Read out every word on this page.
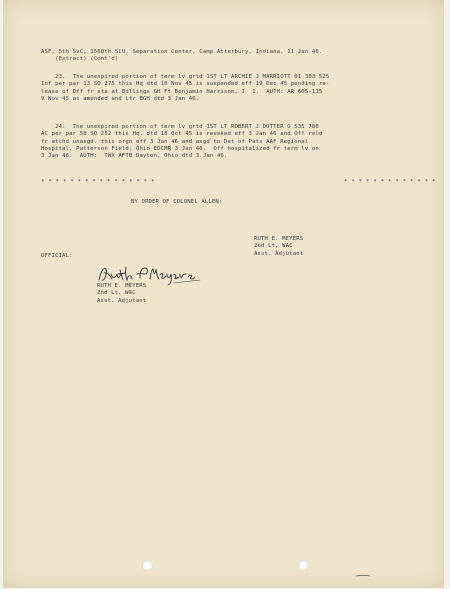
ASF, 5th SvC, 1560th SCU, Separation Center, Camp Atterbury, Indiana, 11 Jan 46.
(Extract) (Cont'd)
23.  The unexpired portion of term lv grtd 1ST LT ARCHIE J MARRIOTT 01 303 525
Inf per par 13 SO 275 this Hq dtd 10 Nov 45 is suspended eff 19 Dec 45 pending re-
lease of Off fr sta at Billings GH Ft Benjamin Harrison, I  1.  AUTH: AR 605-115
9 Nov 45 as amended and Ltr BGH dtd 3 Jan 46.
24.  The unexpired portion of term lv grtd 1ST LT ROBERT J DOTTER O 535 780
AC per par 58 SO 252 this Hq, dtd 18 Oct 45 is revoked eff 3 Jan 46 and Off reld
fr atchd unasgd. this orgn eff 3 Jan 46 and asgd to Det of Pats AAF Regional
Hospital, Patterson Field, Ohio EDCMR 3 Jan 46.  Off hospitalized fr term lv on
3 Jan 46.  AUTH:  TWX AFTB Dayton, Ohio dtd 3 Jan 46.
* * * * * * * * * * * * * * * *	* * * * * * * * * * * * *
BY ORDER OF COLONEL ALLEN:
RUTH E. MEYERS
2nd Lt, WAC
Asst. Adjutant
OFFICIAL:
RUTH E. MEYERS
2nd Lt, WAC
Asst. Adjutant
